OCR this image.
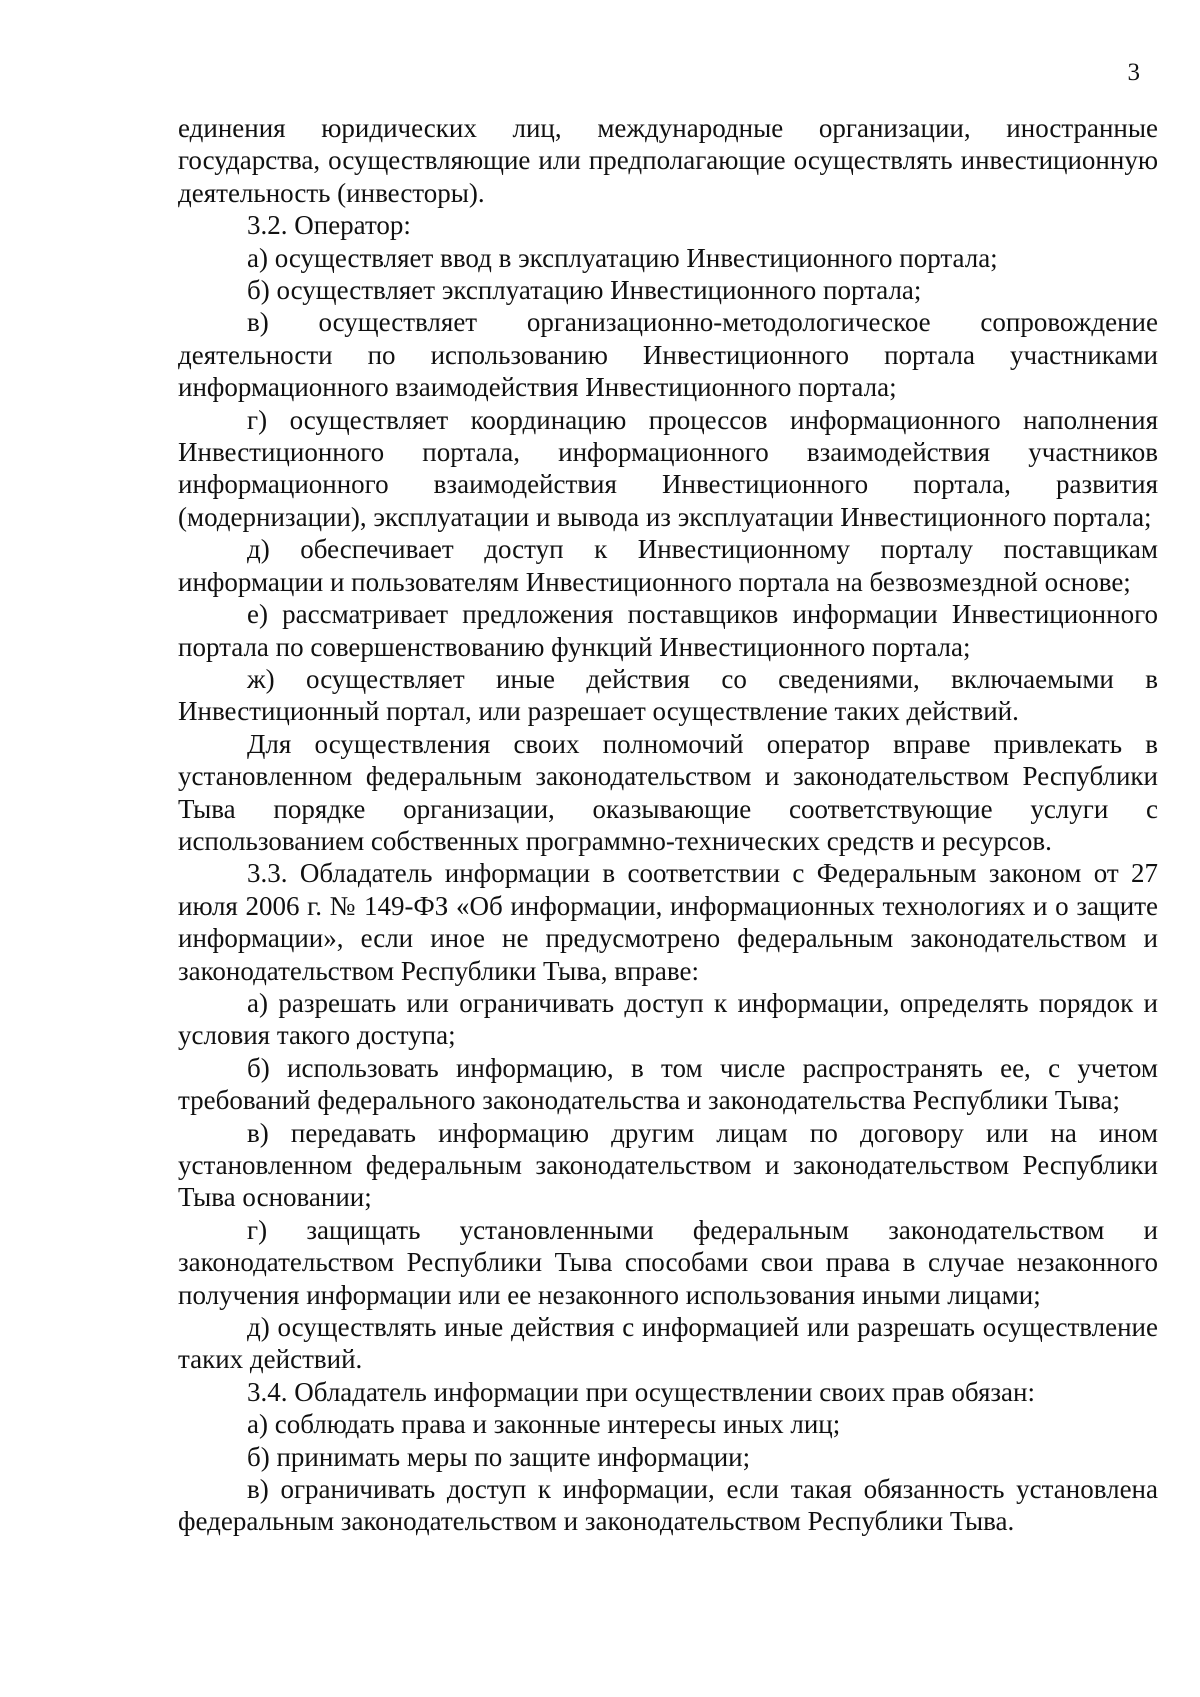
3

единения юридических лиц, международные организации, иностранные государства, осуществляющие или предполагающие осуществлять инвестиционную деятельность (инвесторы).

3.2. Оператор:

а) осуществляет ввод в эксплуатацию Инвестиционного портала;

б) осуществляет эксплуатацию Инвестиционного портала;

в) осуществляет организационно-методологическое сопровождение деятельности по использованию Инвестиционного портала участниками информационного взаимодействия Инвестиционного портала;

г) осуществляет координацию процессов информационного наполнения Инвестиционного портала, информационного взаимодействия участников информационного взаимодействия Инвестиционного портала, развития (модернизации), эксплуатации и вывода из эксплуатации Инвестиционного портала;

д) обеспечивает доступ к Инвестиционному порталу поставщикам информации и пользователям Инвестиционного портала на безвозмездной основе;

е) рассматривает предложения поставщиков информации Инвестиционного портала по совершенствованию функций Инвестиционного портала;

ж) осуществляет иные действия со сведениями, включаемыми в Инвестиционный портал, или разрешает осуществление таких действий.

Для осуществления своих полномочий оператор вправе привлекать в установленном федеральным законодательством и законодательством Республики Тыва порядке организации, оказывающие соответствующие услуги с использованием собственных программно-технических средств и ресурсов.

3.3. Обладатель информации в соответствии с Федеральным законом от 27 июля 2006 г. № 149-ФЗ «Об информации, информационных технологиях и о защите информации», если иное не предусмотрено федеральным законодательством и законодательством Республики Тыва, вправе:

а) разрешать или ограничивать доступ к информации, определять порядок и условия такого доступа;

б) использовать информацию, в том числе распространять ее, с учетом требований федерального законодательства и законодательства Республики Тыва;

в) передавать информацию другим лицам по договору или на ином установленном федеральным законодательством и законодательством Республики Тыва основании;

г) защищать установленными федеральным законодательством и законодательством Республики Тыва способами свои права в случае незаконного получения информации или ее незаконного использования иными лицами;

д) осуществлять иные действия с информацией или разрешать осуществление таких действий.

3.4. Обладатель информации при осуществлении своих прав обязан:

а) соблюдать права и законные интересы иных лиц;

б) принимать меры по защите информации;

в) ограничивать доступ к информации, если такая обязанность установлена федеральным законодательством и законодательством Республики Тыва.
